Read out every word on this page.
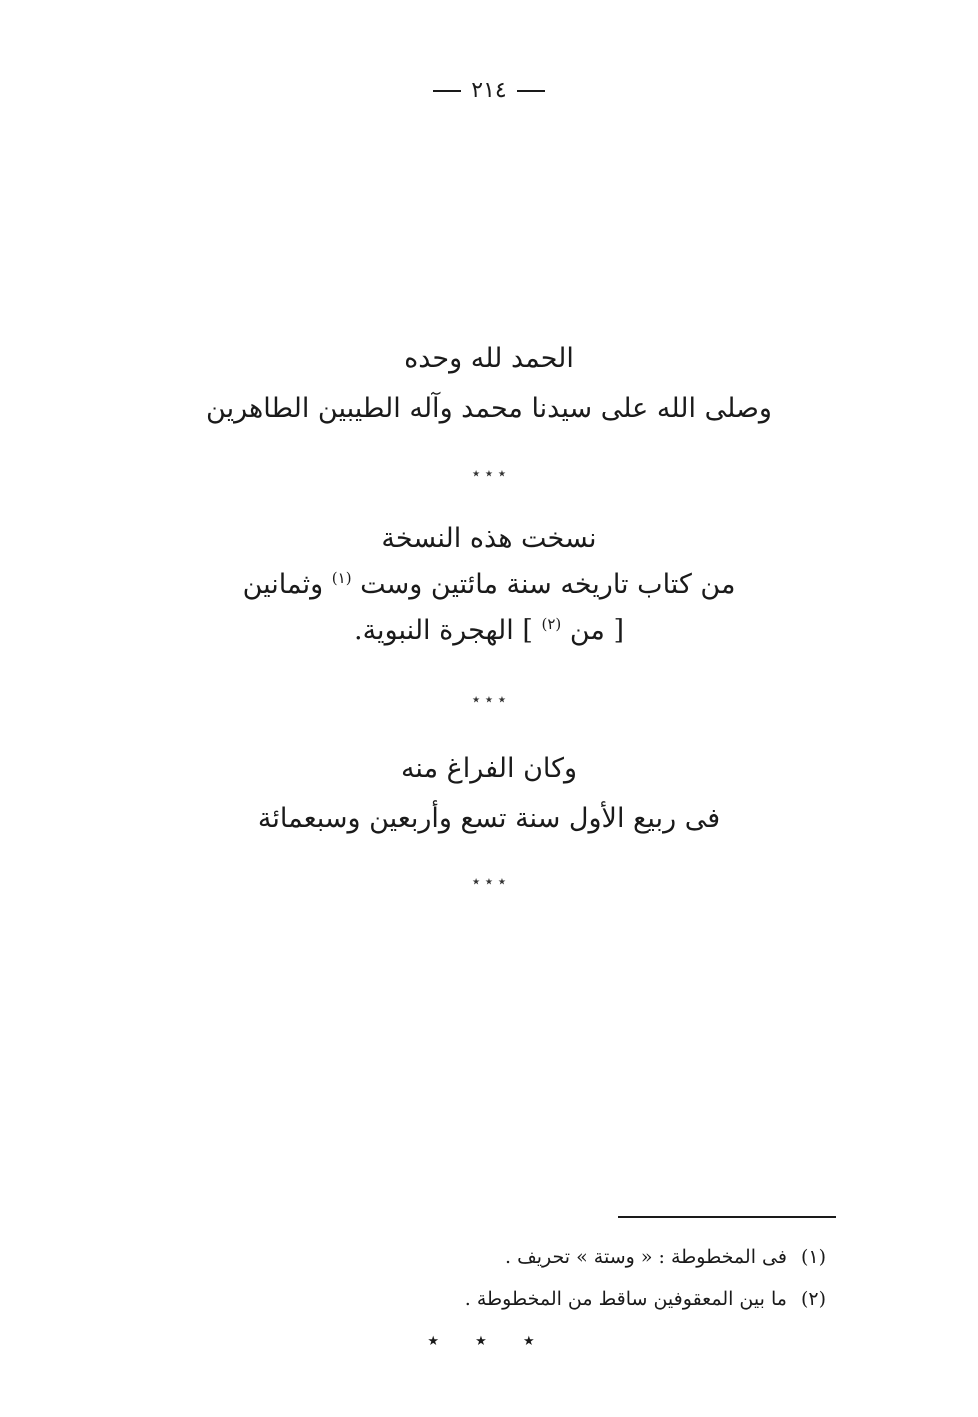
٢١٤
الحمد لله وحده
وصلى الله على سيدنا محمد وآله الطيبين الطاهرين
٭ ٭ ٭
نسخت هذه النسخة
من كتاب تاريخه سنة مائتين وست $^{(١)}$ وثمانين
[ من $^{(٢)}$ ] الهجرة النبوية.
٭ ٭ ٭
وكان الفراغ منه
فى ربيع الأول سنة تسع وأربعين وسبعمائة
٭ ٭ ٭
(١)فى المخطوطة : « وستة » تحريف .
(٢)ما بين المعقوفين ساقط من المخطوطة .
★ ★ ★
